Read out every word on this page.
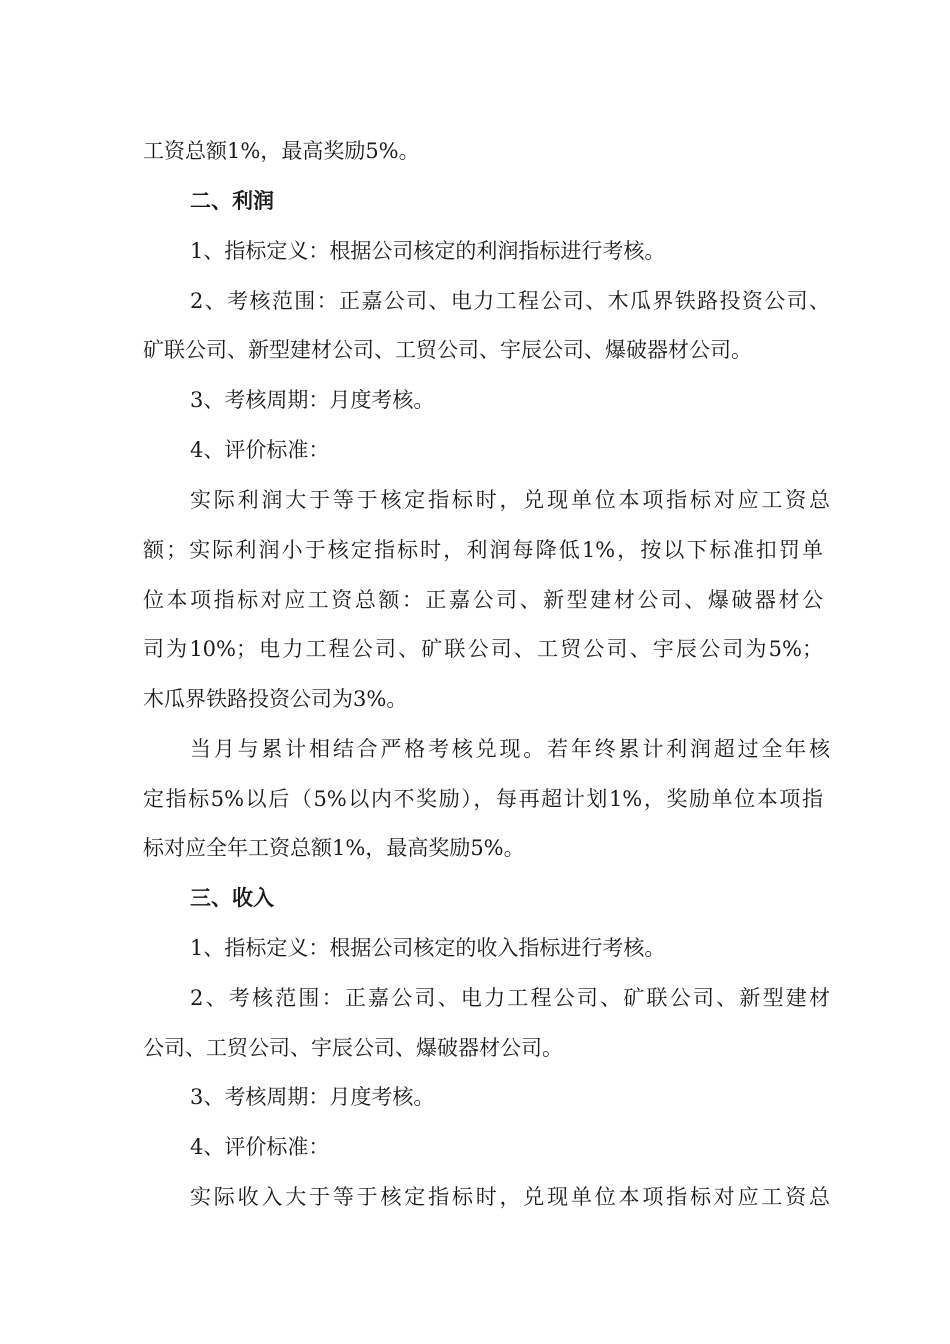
工资总额1%，最高奖励5%。
二、利润
1、指标定义：根据公司核定的利润指标进行考核。
2、考核范围：正嘉公司、电力工程公司、木瓜界铁路投资公司、
矿联公司、新型建材公司、工贸公司、宇辰公司、爆破器材公司。
3、考核周期：月度考核。
4、评价标准：
实际利润大于等于核定指标时，兑现单位本项指标对应工资总
额；实际利润小于核定指标时，利润每降低1%，按以下标准扣罚单
位本项指标对应工资总额：正嘉公司、新型建材公司、爆破器材公
司为10%；电力工程公司、矿联公司、工贸公司、宇辰公司为5%；
木瓜界铁路投资公司为3%。
当月与累计相结合严格考核兑现。若年终累计利润超过全年核
定指标5%以后（5%以内不奖励），每再超计划1%，奖励单位本项指
标对应全年工资总额1%，最高奖励5%。
三、收入
1、指标定义：根据公司核定的收入指标进行考核。
2、考核范围：正嘉公司、电力工程公司、矿联公司、新型建材
公司、工贸公司、宇辰公司、爆破器材公司。
3、考核周期：月度考核。
4、评价标准：
实际收入大于等于核定指标时，兑现单位本项指标对应工资总
